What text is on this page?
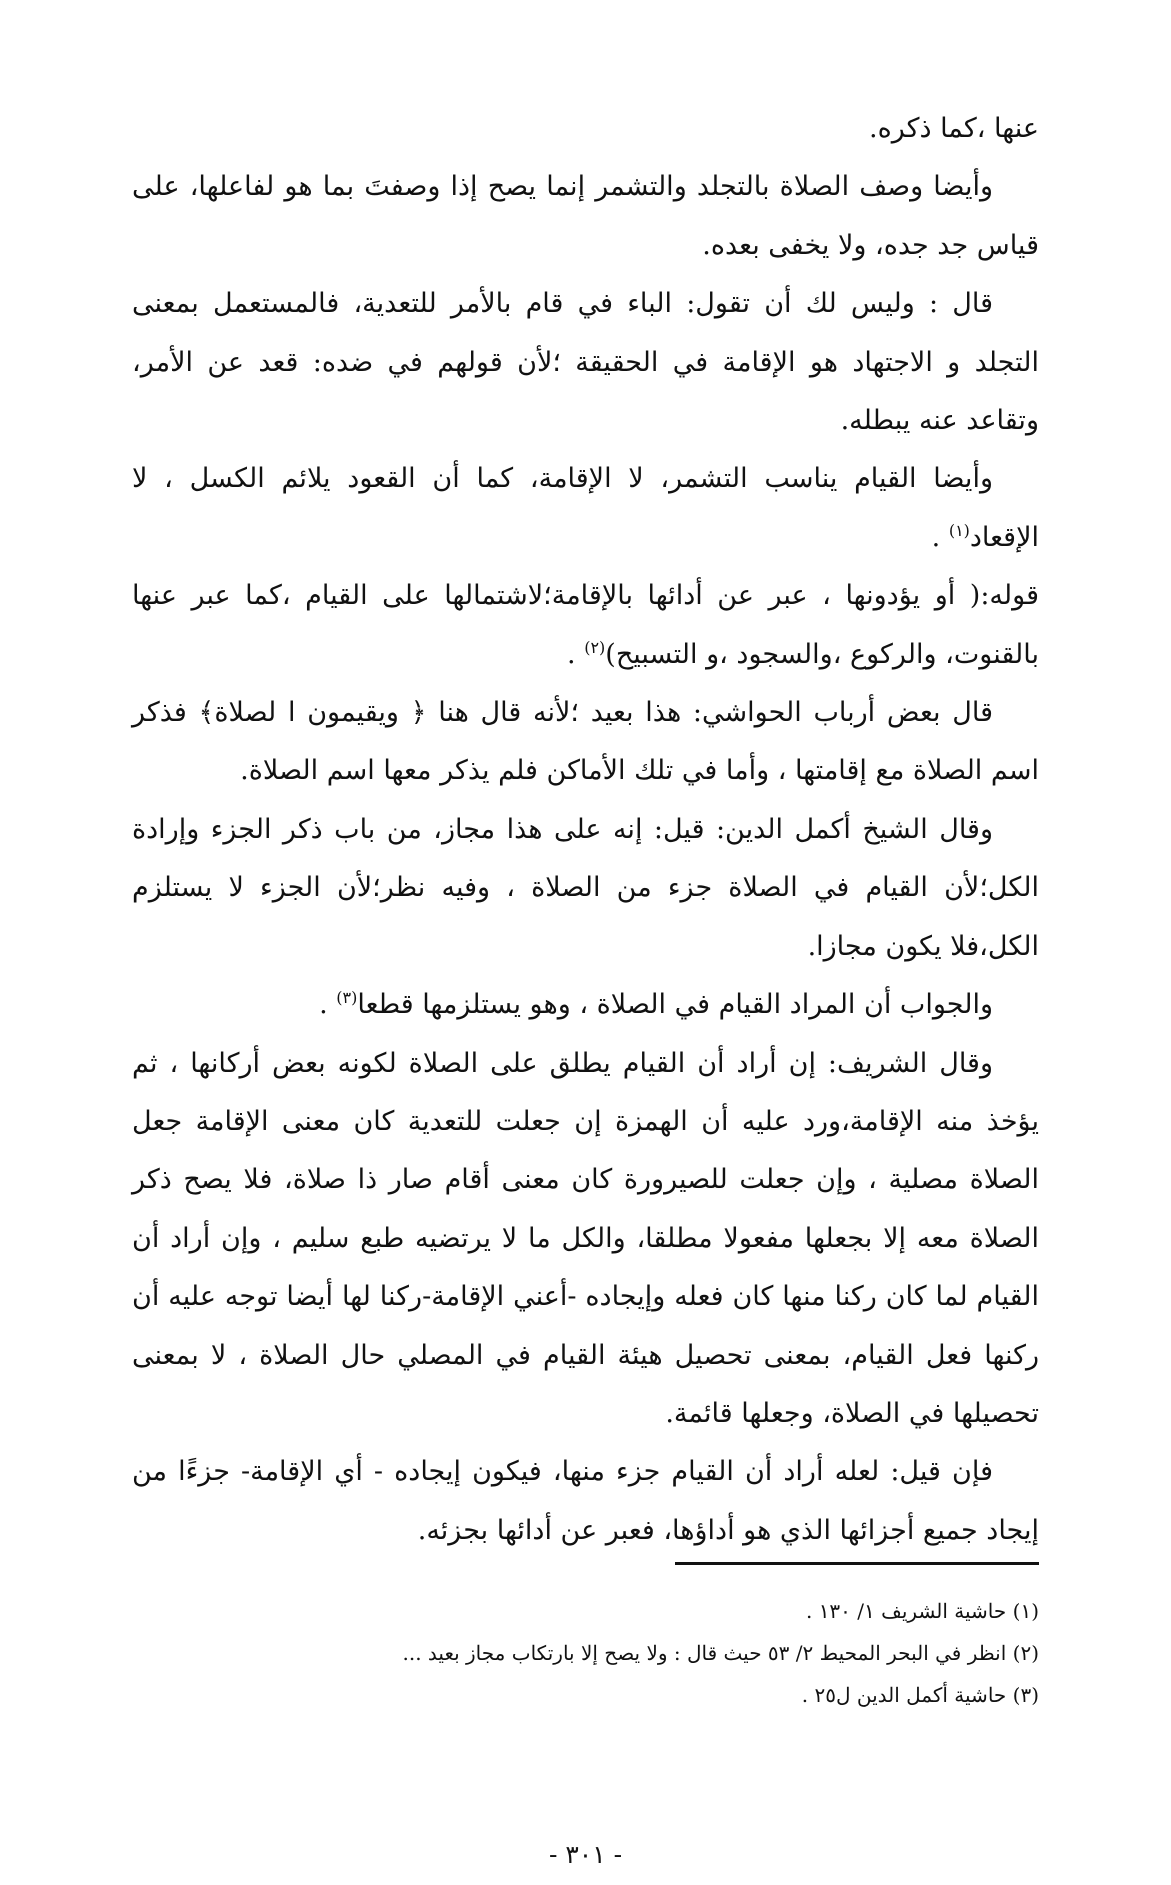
عنها ،كما ذكره.

وأيضا وصف الصلاة بالتجلد والتشمر إنما يصح إذا وصفتَ بما هو لفاعلها، على قياس جد جده، ولا يخفى بعده.

قال : وليس لك أن تقول: الباء في قام بالأمر للتعدية، فالمستعمل بمعنى التجلد و الاجتهاد هو الإقامة في الحقيقة ؛لأن قولهم في ضده: قعد عن الأمر، وتقاعد عنه يبطله.

وأيضا القيام يناسب التشمر، لا الإقامة، كما أن القعود يلائم الكسل ، لا الإقعاد$^{(١)}$ .

قوله:( أو يؤدونها ، عبر عن أدائها بالإقامة؛لاشتمالها على القيام ،كما عبر عنها بالقنوت، والركوع ،والسجود ،و التسبيح)$^{(٢)}$ .

قال بعض أرباب الحواشي: هذا بعيد ؛لأنه قال هنا ﴿ ويقيمون ا لصلاة﴾ فذكر اسم الصلاة مع إقامتها ، وأما في تلك الأماكن فلم يذكر معها اسم الصلاة.

وقال الشيخ أكمل الدين: قيل: إنه على هذا مجاز، من باب ذكر الجزء وإرادة الكل؛لأن القيام في الصلاة جزء من الصلاة ، وفيه نظر؛لأن الجزء لا يستلزم الكل،فلا يكون مجازا.

والجواب أن المراد القيام في الصلاة ، وهو يستلزمها قطعا$^{(٣)}$ .

وقال الشريف: إن أراد أن القيام يطلق على الصلاة لكونه بعض أركانها ، ثم يؤخذ منه الإقامة،ورد عليه أن الهمزة إن جعلت للتعدية كان معنى الإقامة جعل الصلاة مصلية ، وإن جعلت للصيرورة كان معنى أقام صار ذا صلاة، فلا يصح ذكر الصلاة معه إلا بجعلها مفعولا مطلقا، والكل ما لا يرتضيه طبع سليم ، وإن أراد أن القيام لما كان ركنا منها كان فعله وإيجاده -أعني الإقامة-ركنا لها أيضا توجه عليه أن ركنها فعل القيام، بمعنى تحصيل هيئة القيام في المصلي حال الصلاة ، لا بمعنى تحصيلها في الصلاة، وجعلها قائمة.

فإن قيل: لعله أراد أن القيام جزء منها، فيكون إيجاده - أي الإقامة- جزءًا من إيجاد جميع أجزائها الذي هو أداؤها، فعبر عن أدائها بجزئه.

(١) حاشية الشريف ١/ ١٣٠ .

(٢) انظر في البحر المحيط ٢/ ٥٣ حيث قال : ولا يصح إلا بارتكاب مجاز بعيد ...

(٣) حاشية أكمل الدين ل٢٥ .

- ٣٠١ -
